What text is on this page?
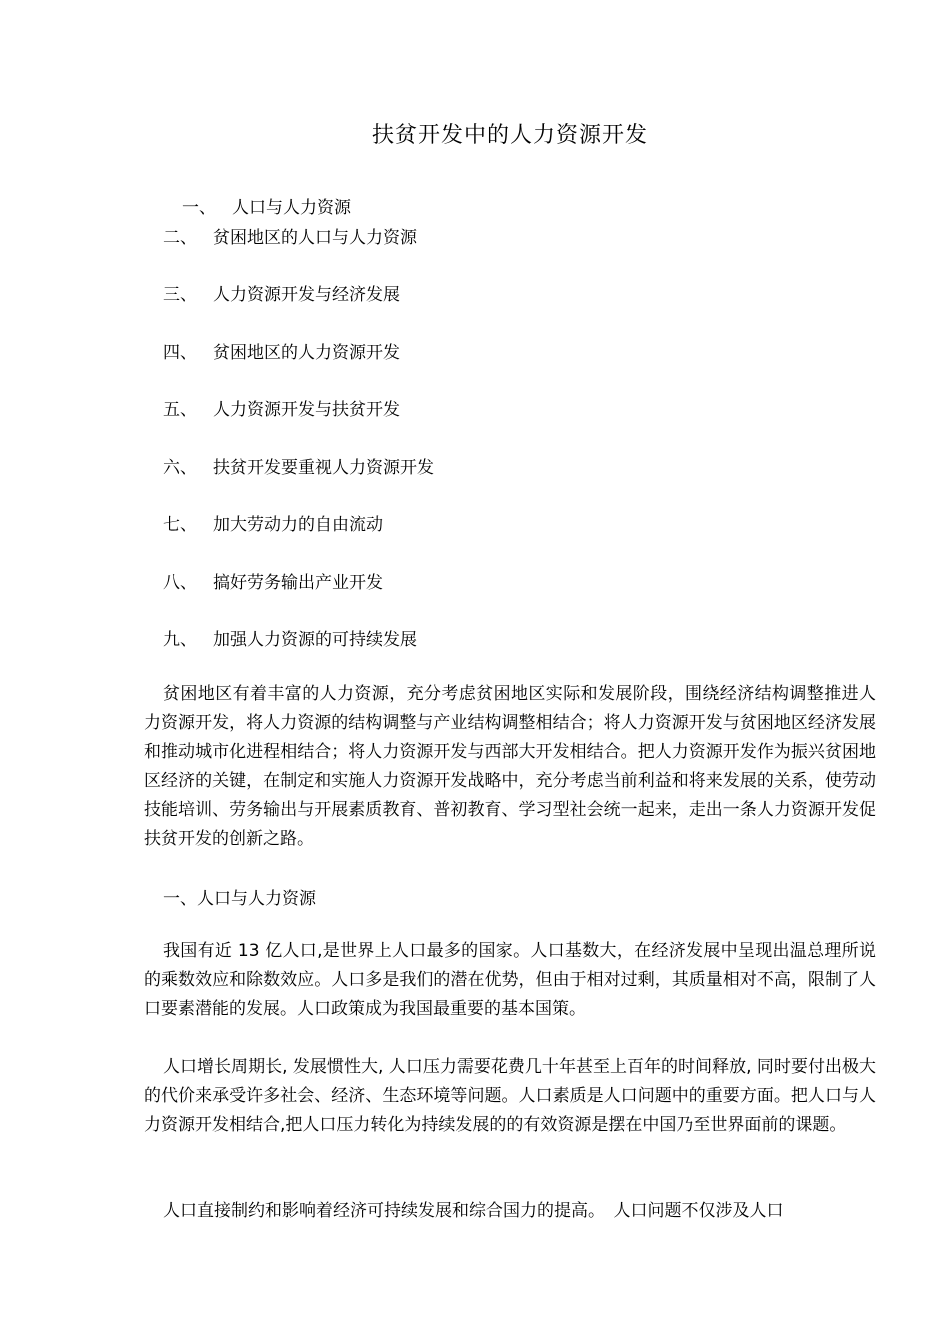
扶贫开发中的人力资源开发

一、 人口与人力资源

二、 贫困地区的人口与人力资源

三、 人力资源开发与经济发展

四、 贫困地区的人力资源开发

五、 人力资源开发与扶贫开发

六、 扶贫开发要重视人力资源开发

七、 加大劳动力的自由流动

八、 搞好劳务输出产业开发

九、 加强人力资源的可持续发展

贫困地区有着丰富的人力资源，充分考虑贫困地区实际和发展阶段，围绕经济结构调整推进人力资源开发，将人力资源的结构调整与产业结构调整相结合；将人力资源开发与贫困地区经济发展和推动城市化进程相结合；将人力资源开发与西部大开发相结合。把人力资源开发作为振兴贫困地区经济的关键，在制定和实施人力资源开发战略中，充分考虑当前利益和将来发展的关系，使劳动技能培训、劳务输出与开展素质教育、普初教育、学习型社会统一起来，走出一条人力资源开发促扶贫开发的创新之路。

一、人口与人力资源

我国有近 13 亿人口,是世界上人口最多的国家。人口基数大，在经济发展中呈现出温总理所说的乘数效应和除数效应。人口多是我们的潜在优势，但由于相对过剩，其质量相对不高，限制了人口要素潜能的发展。人口政策成为我国最重要的基本国策。

人口增长周期长, 发展惯性大, 人口压力需要花费几十年甚至上百年的时间释放, 同时要付出极大的代价来承受许多社会、经济、生态环境等问题。人口素质是人口问题中的重要方面。把人口与人力资源开发相结合,把人口压力转化为持续发展的的有效资源是摆在中国乃至世界面前的课题。

人口直接制约和影响着经济可持续发展和综合国力的提高。　人口问题不仅涉及人口
